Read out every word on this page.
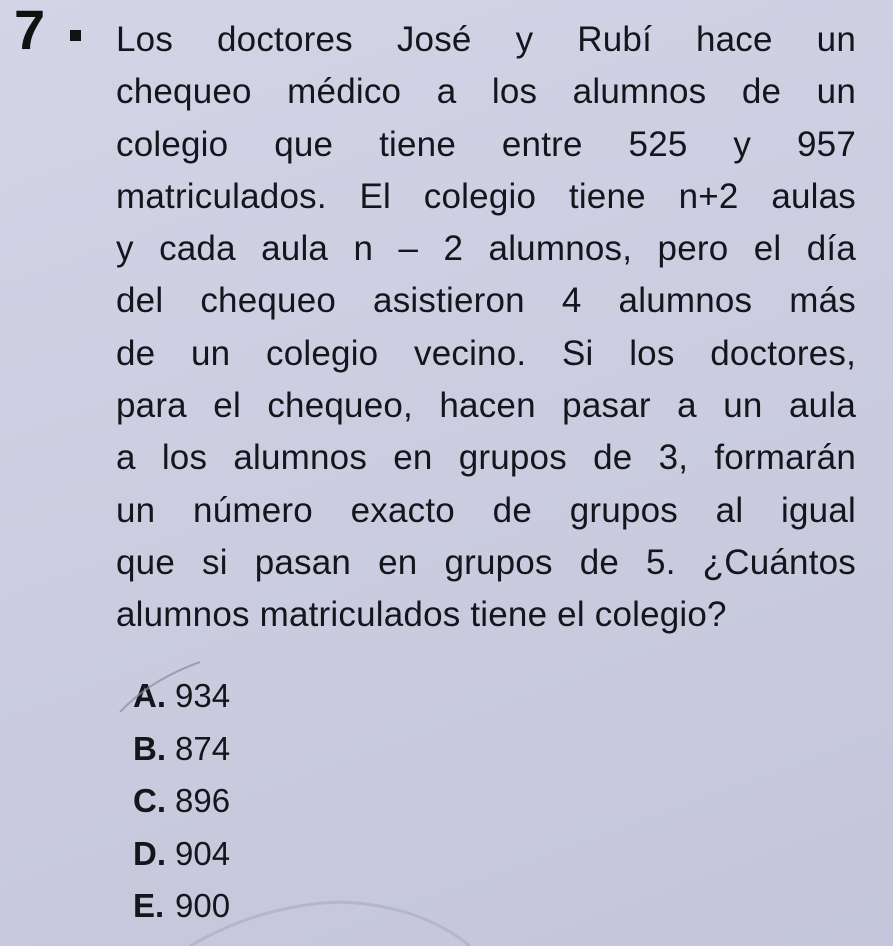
7 Los doctores José y Rubí hace un
chequeo médico a los alumnos de un
colegio que tiene entre 525 y 957
matriculados. El colegio tiene n+2 aulas
y cada aula n – 2 alumnos, pero el día
del chequeo asistieron 4 alumnos más
de un colegio vecino. Si los doctores,
para el chequeo, hacen pasar a un aula
a los alumnos en grupos de 3, formarán
un número exacto de grupos al igual
que si pasan en grupos de 5. ¿Cuántos
alumnos matriculados tiene el colegio?
A. 934
B. 874
C. 896
D. 904
E. 900
